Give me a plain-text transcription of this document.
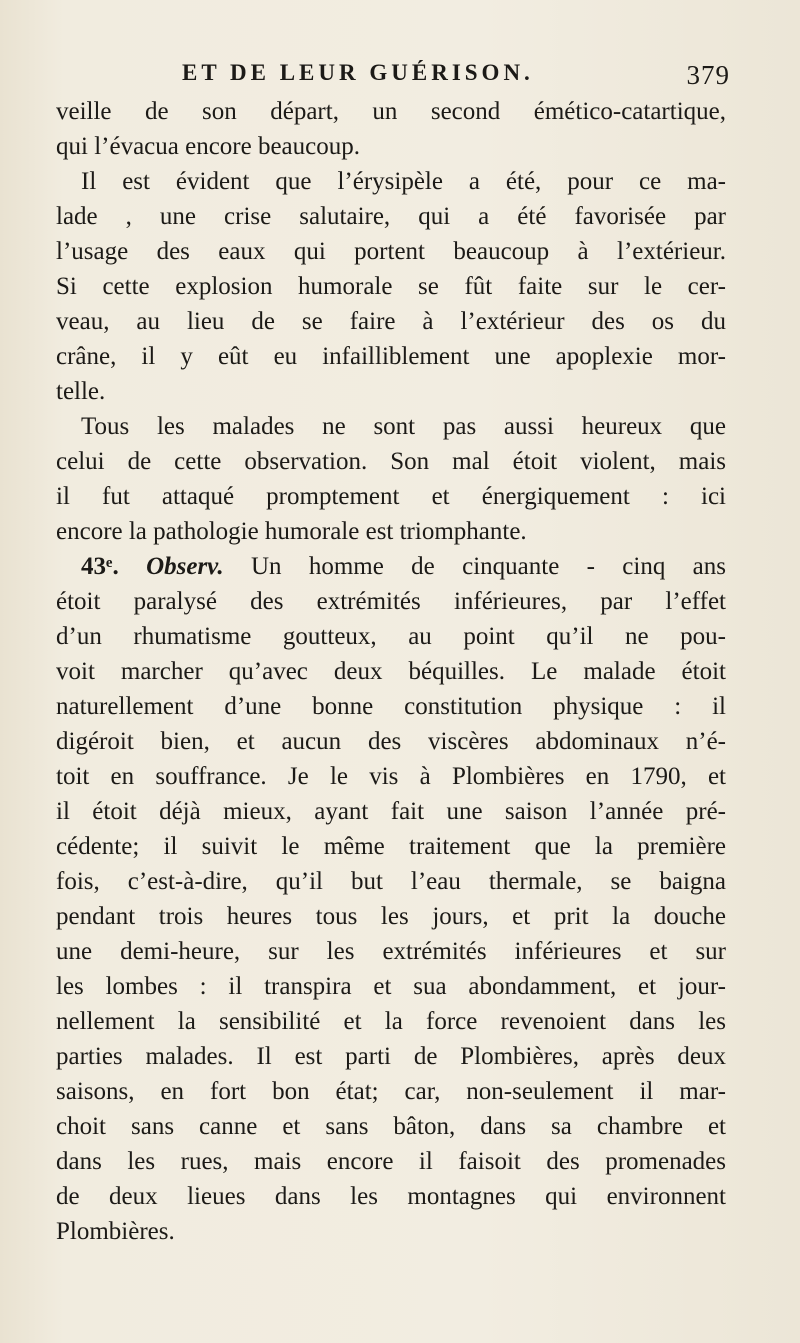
ET DE LEUR GUÉRISON.	379
veille de son départ, un second émético-catartique,
qui l’évacua encore beaucoup.
Il est évident que l’érysipèle a été, pour ce ma-
lade , une crise salutaire, qui a été favorisée par
l’usage des eaux qui portent beaucoup à l’extérieur.
Si cette explosion humorale se fût faite sur le cer-
veau, au lieu de se faire à l’extérieur des os du
crâne, il y eût eu infailliblement une apoplexie mor-
telle.
Tous les malades ne sont pas aussi heureux que
celui de cette observation. Son mal étoit violent, mais
il fut attaqué promptement et énergiquement : ici
encore la pathologie humorale est triomphante.
43ᵉ. Observ. Un homme de cinquante - cinq ans
étoit paralysé des extrémités inférieures, par l’effet
d’un rhumatisme goutteux, au point qu’il ne pou-
voit marcher qu’avec deux béquilles. Le malade étoit
naturellement d’une bonne constitution physique : il
digéroit bien, et aucun des viscères abdominaux n’é-
toit en souffrance. Je le vis à Plombières en 1790, et
il étoit déjà mieux, ayant fait une saison l’année pré-
cédente; il suivit le même traitement que la première
fois, c’est-à-dire, qu’il but l’eau thermale, se baigna
pendant trois heures tous les jours, et prit la douche
une demi-heure, sur les extrémités inférieures et sur
les lombes : il transpira et sua abondamment, et jour-
nellement la sensibilité et la force revenoient dans les
parties malades. Il est parti de Plombières, après deux
saisons, en fort bon état; car, non-seulement il mar-
choit sans canne et sans bâton, dans sa chambre et
dans les rues, mais encore il faisoit des promenades
de deux lieues dans les montagnes qui environnent
Plombières.
